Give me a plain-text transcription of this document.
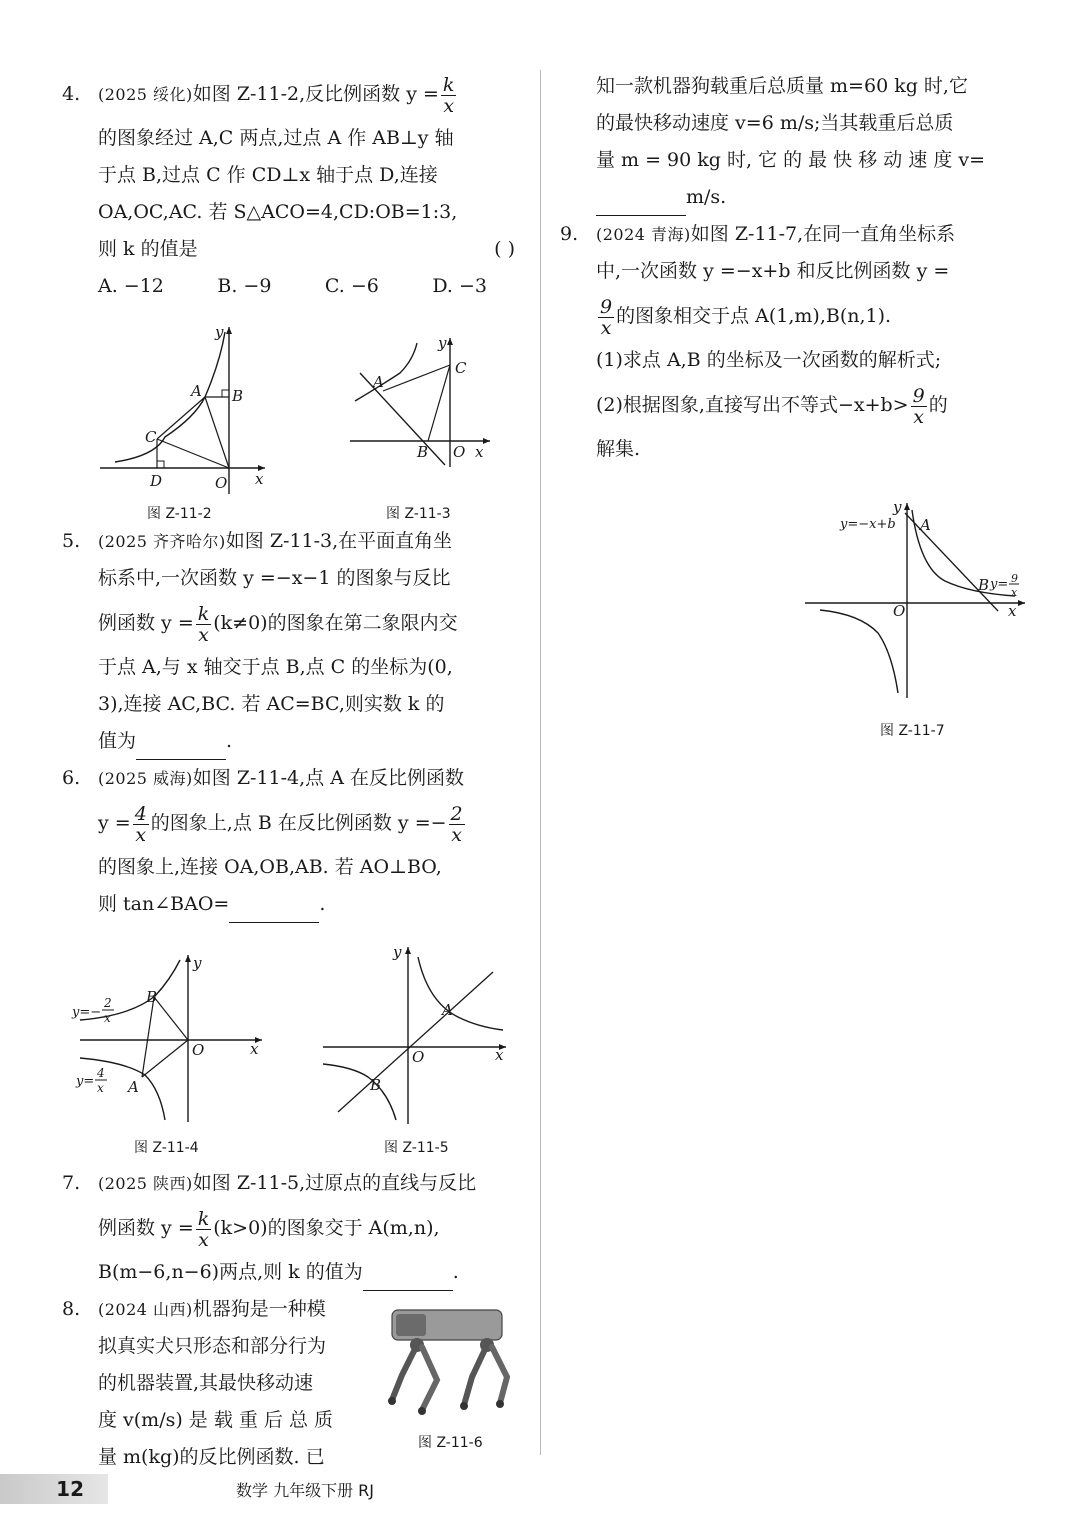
4. (2025 绥化)如图 Z-11-2,反比例函数 $y = \frac{k}{x}$
的图象经过 A,C 两点,过点 A 作 AB⊥y 轴
于点 B,过点 C 作 CD⊥x 轴于点 D,连接
OA,OC,AC. 若 S△ACO=4,CD:OB=1:3,
则 k 的值是	( )
A. −12	B. −9	C. −6	D. −3
y
x
A B
C
D	O
图 Z-11-2
y
x
A
B
C
O
图 Z-11-3
5. (2025 齐齐哈尔)如图 Z-11-3,在平面直角坐
标系中,一次函数 y =−x−1 的图象与反比
例函数 $y = \frac{k}{x} (k\ne 0)$的图象在第二象限内交
于点 A,与 x 轴交于点 B,点 C 的坐标为(0,
3),连接 AC,BC. 若 AC=BC,则实数 k 的
值为	.
6. (2025 威海)如图 Z-11-4,点 A 在反比例函数
$y = \frac{4}{x}$ 的图象上,点 B 在反比例函数 $y =- \frac{2}{x}$
的图象上,连接 OA,OB,AB. 若 AO⊥BO,
则 tan∠BAO=	.
y
x
O
B
A
y=−
2
x
y=
4
x
图 Z-11-4
y
x
O
A
B
图 Z-11-5
7. (2025 陕西)如图 Z-11-5,过原点的直线与反比
例函数 $y = \frac{k}{x} (k>0)$的图象交于 A(m,n),
B(m−6,n−6)两点,则 k 的值为	.
8. (2024 山西)机器狗是一种模
拟真实犬只形态和部分行为
的机器装置,其最快移动速
度 v(m/s) 是 载 重 后 总 质
量 m(kg)的反比例函数. 已
图 Z-11-6
知一款机器狗载重后总质量 m=60 kg 时,它
的最快移动速度 v=6 m/s;当其载重后总质
量 m = 90 kg 时, 它 的 最 快 移 动 速 度 v=
m/s.
9. (2024 青海)如图 Z-11-7,在同一直角坐标系
中,一次函数 y =−x+b 和反比例函数 y =
$\frac{9}{x}$ 的图象相交于点 A(1,m),B(n,1).
(1)求点 A,B 的坐标及一次函数的解析式;
(2)根据图象,直接写出不等式$-x+b> \frac{9}{x}$ 的
解集.
y
x
O
A
B
y=−x+b
y= 9
x
图 Z-11-7
12	数学 九年级下册 RJ
